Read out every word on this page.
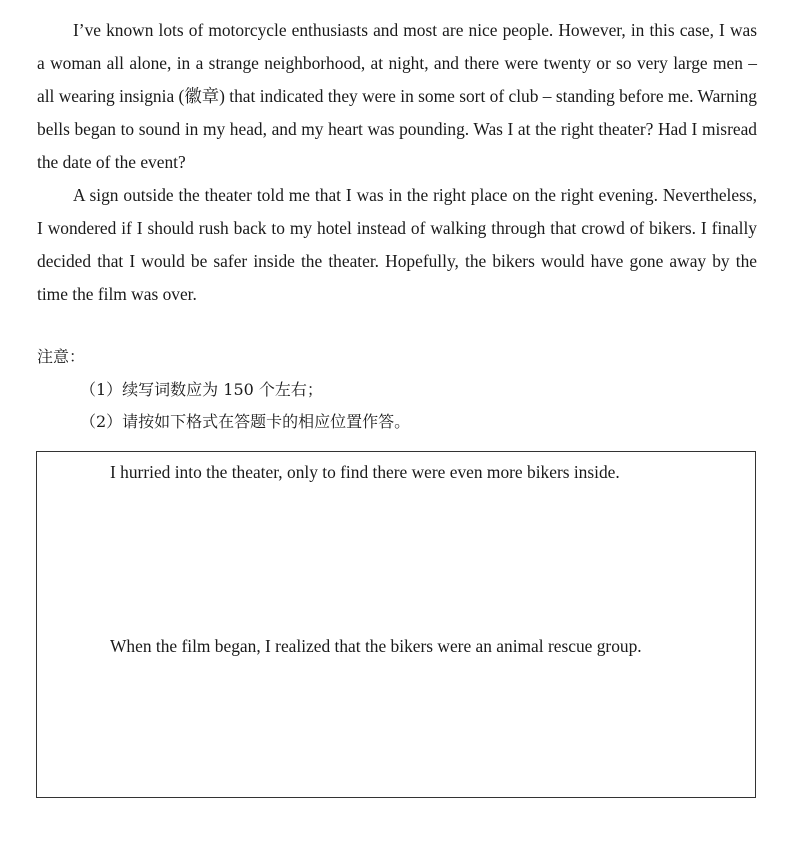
I’ve known lots of motorcycle enthusiasts and most are nice people. However, in this case, I was a woman all alone, in a strange neighborhood, at night, and there were twenty or so very large men – all wearing insignia (徽章) that indicated they were in some sort of club – standing before me. Warning bells began to sound in my head, and my heart was pounding. Was I at the right theater? Had I misread the date of the event?

A sign outside the theater told me that I was in the right place on the right evening. Nevertheless, I wondered if I should rush back to my hotel instead of walking through that crowd of bikers. I finally decided that I would be safer inside the theater. Hopefully, the bikers would have gone away by the time the film was over.

注意：
（1）续写词数应为 150 个左右；
（2）请按如下格式在答题卡的相应位置作答。
I hurried into the theater, only to find there were even more bikers inside.
When the film began, I realized that the bikers were an animal rescue group.
